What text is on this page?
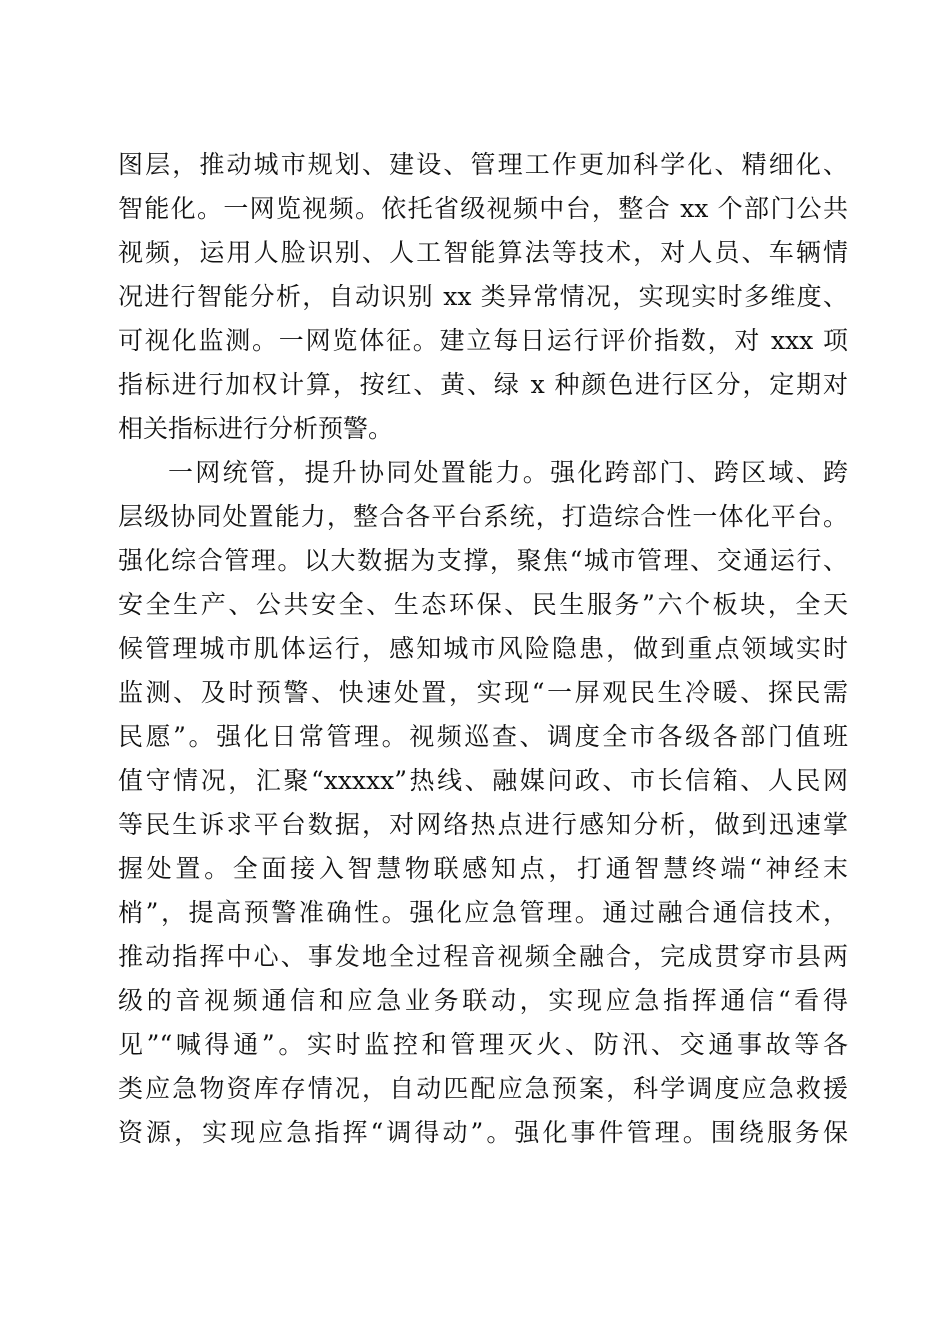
图层，推动城市规划、建设、管理工作更加科学化、精细化、
智能化。一网览视频。依托省级视频中台，整合 xx 个部门公共
视频，运用人脸识别、人工智能算法等技术，对人员、车辆情
况进行智能分析，自动识别 xx 类异常情况，实现实时多维度、
可视化监测。一网览体征。建立每日运行评价指数，对 xxx 项
指标进行加权计算，按红、黄、绿 x 种颜色进行区分，定期对
相关指标进行分析预警。
一网统管，提升协同处置能力。强化跨部门、跨区域、跨
层级协同处置能力，整合各平台系统，打造综合性一体化平台。
强化综合管理。以大数据为支撑，聚焦“城市管理、交通运行、
安全生产、公共安全、生态环保、民生服务”六个板块，全天
候管理城市肌体运行，感知城市风险隐患，做到重点领域实时
监测、及时预警、快速处置，实现“一屏观民生冷暖、探民需
民愿”。强化日常管理。视频巡查、调度全市各级各部门值班
值守情况，汇聚“xxxxx”热线、融媒问政、市长信箱、人民网
等民生诉求平台数据，对网络热点进行感知分析，做到迅速掌
握处置。全面接入智慧物联感知点，打通智慧终端“神经末
梢”，提高预警准确性。强化应急管理。通过融合通信技术，
推动指挥中心、事发地全过程音视频全融合，完成贯穿市县两
级的音视频通信和应急业务联动，实现应急指挥通信“看得
见”“喊得通”。实时监控和管理灭火、防汛、交通事故等各
类应急物资库存情况，自动匹配应急预案，科学调度应急救援
资源，实现应急指挥“调得动”。强化事件管理。围绕服务保
